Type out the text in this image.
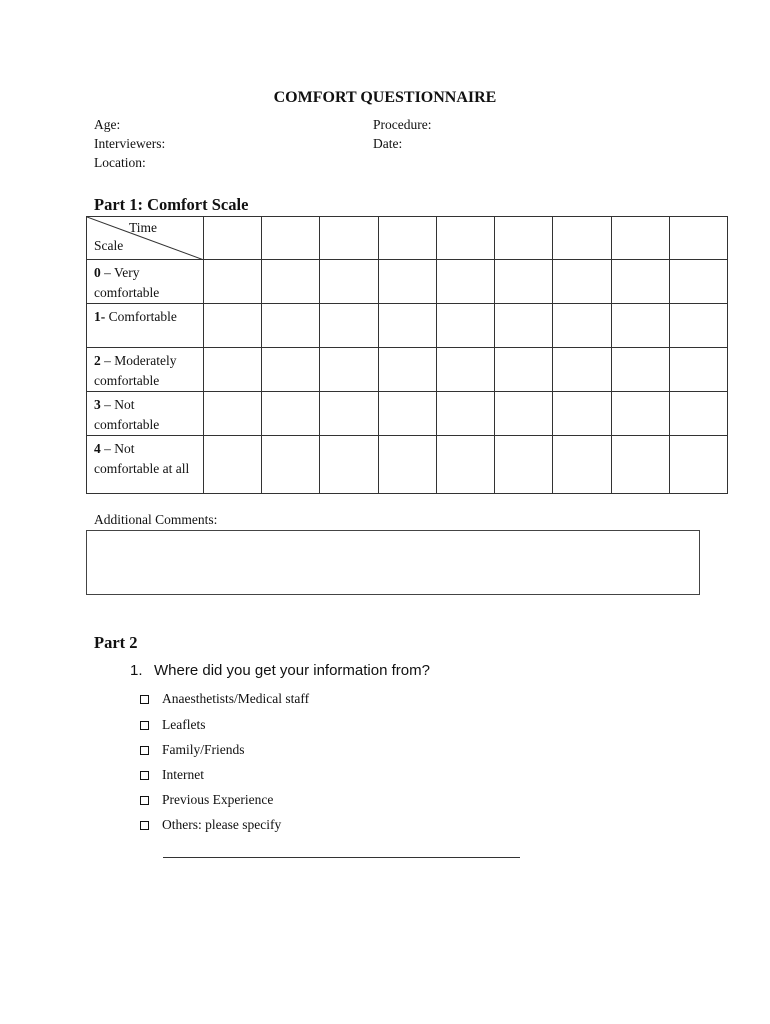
COMFORT QUESTIONNAIRE
Age:
Interviewers:
Location:
Procedure:
Date:
Part 1: Comfort Scale
Time
Scale									

0 – Very comfortable									
1- Comfortable									
2 – Moderately comfortable									
3 – Not comfortable									
4 – Not comfortable at all									
Additional Comments:
Part 2
1. Where did you get your information from?
Anaesthetists/Medical staff
Leaflets
Family/Friends
Internet
Previous Experience
Others: please specify
